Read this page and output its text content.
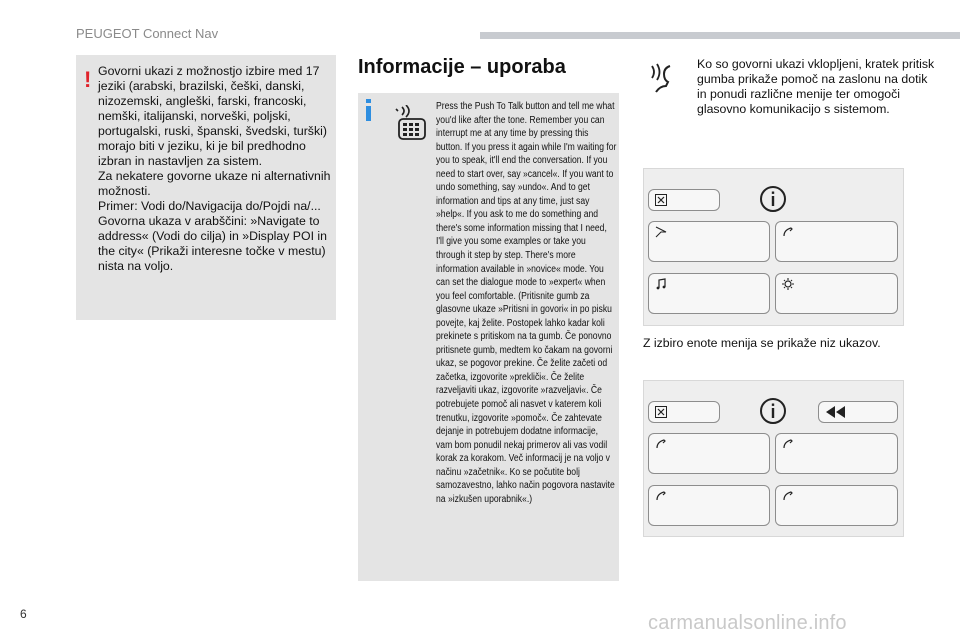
PEUGEOT Connect Nav
! Govorni ukazi z možnostjo izbire med 17 jeziki (arabski, brazilski, češki, danski, nizozemski, angleški, farski, francoski, nemški, italijanski, norveški, poljski, portugalski, ruski, španski, švedski, turški) morajo biti v jeziku, ki je bil predhodno izbran in nastavljen za sistem.
Za nekatere govorne ukaze ni alternativnih možnosti.
Primer: Vodi do/Navigacija do/Pojdi na/...
Govorna ukaza v arabščini: »Navigate to address« (Vodi do cilja) in »Display POI in the city« (Prikaži interesne točke v mestu) nista na voljo.
Informacije – uporaba
Press the Push To Talk button and tell me what you'd like after the tone. Remember you can interrupt me at any time by pressing this button. If you press it again while I'm waiting for you to speak, it'll end the conversation. If you need to start over, say »cancel«. If you want to undo something, say »undo«. And to get information and tips at any time, just say »help«. If you ask to me do something and there's some information missing that I need, I'll give you some examples or take you through it step by step. There's more information available in »novice« mode. You can set the dialogue mode to »expert« when you feel comfortable. (Pritisnite gumb za glasovne ukaze »Pritisni in govori« in po pisku povejte, kaj želite. Postopek lahko kadar koli prekinete s pritiskom na ta gumb. Če ponovno pritisnete gumb, medtem ko čakam na govorni ukaz, se pogovor prekine. Če želite začeti od začetka, izgovorite »prekliči«. Če želite razveljaviti ukaz, izgovorite »razveljavi«. Če potrebujete pomoč ali nasvet v katerem koli trenutku, izgovorite »pomoč«. Če zahtevate dejanje in potrebujem dodatne informacije, vam bom ponudil nekaj primerov ali vas vodil korak za korakom. Več informacij je na voljo v načinu »začetnik«. Ko se počutite bolj samozavestno, lahko način pogovora nastavite na »izkušen uporabnik«.)
Ko so govorni ukazi vklopljeni, kratek pritisk gumba prikaže pomoč na zaslonu na dotik in ponudi različne menije ter omogoči glasovno komunikacijo s sistemom.
Z izbiro enote menija se prikaže niz ukazov.
6	carmanualsonline.info
